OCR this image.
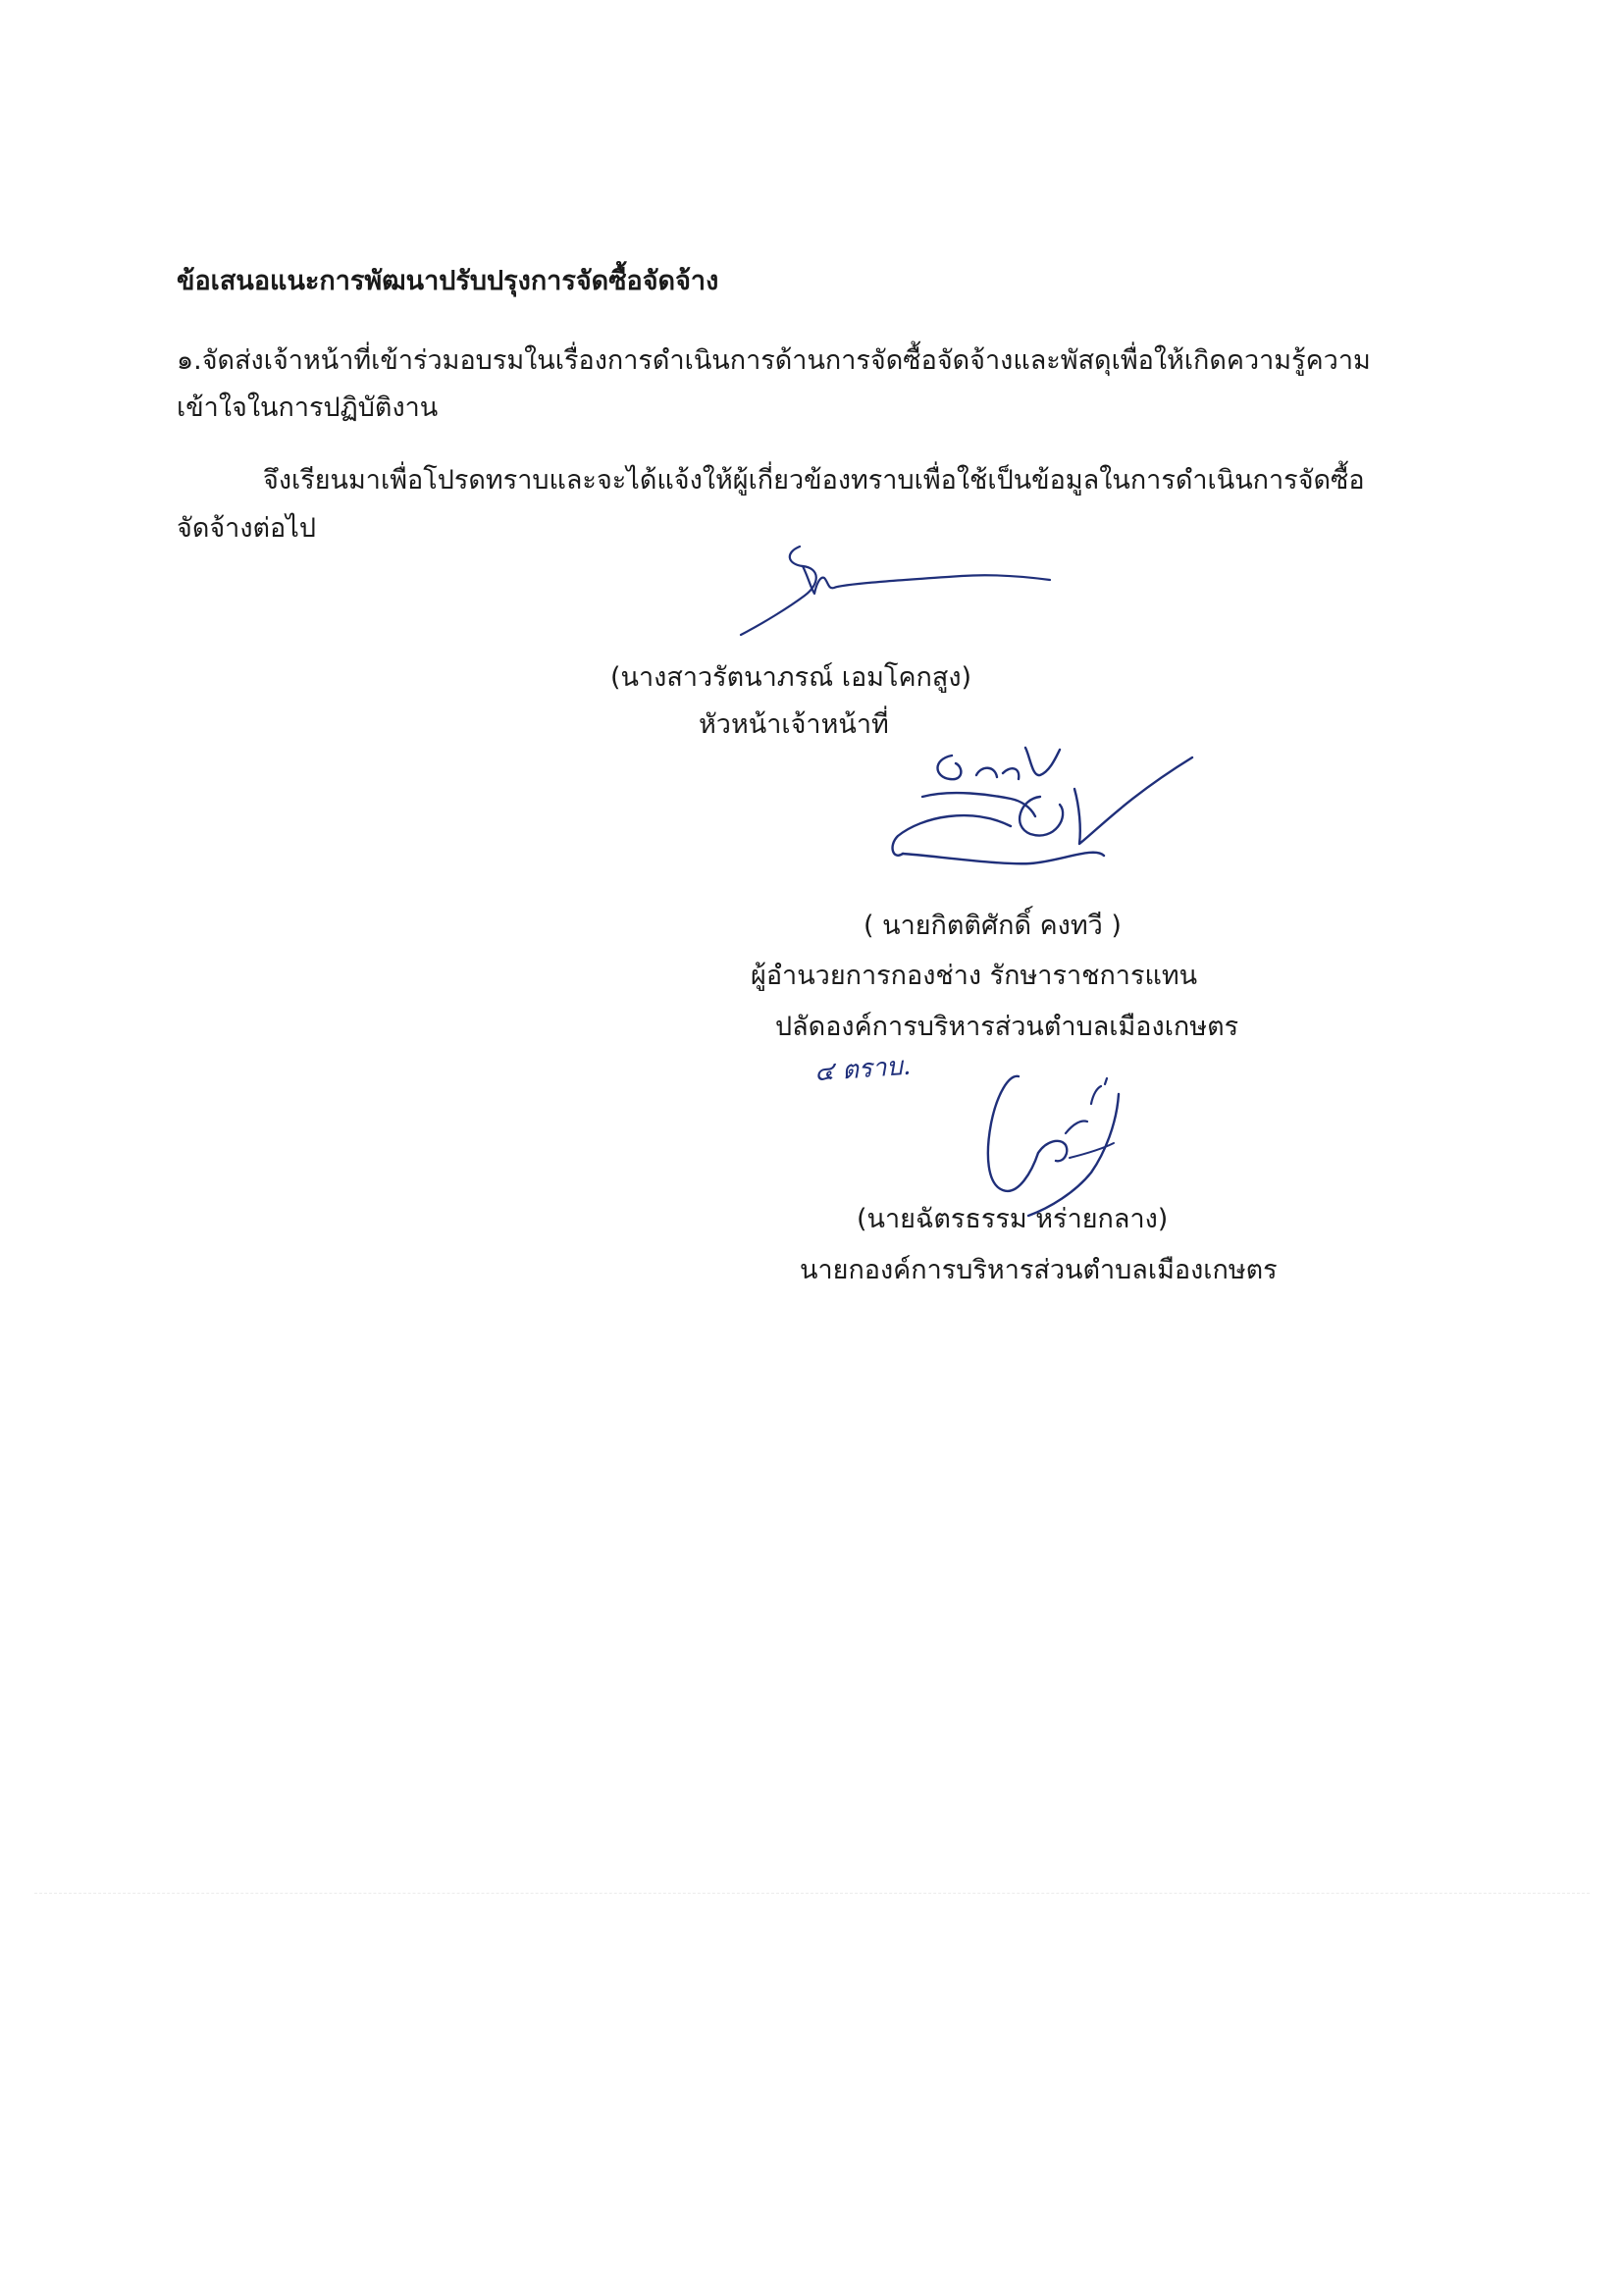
ข้อเสนอแนะการพัฒนาปรับปรุงการจัดซื้อจัดจ้าง
๑.จัดส่งเจ้าหน้าที่เข้าร่วมอบรมในเรื่องการดำเนินการด้านการจัดซื้อจัดจ้างและพัสดุเพื่อให้เกิดความรู้ความ
เข้าใจในการปฏิบัติงาน
จึงเรียนมาเพื่อโปรดทราบและจะได้แจ้งให้ผู้เกี่ยวข้องทราบเพื่อใช้เป็นข้อมูลในการดำเนินการจัดซื้อ
จัดจ้างต่อไป
(นางสาวรัตนาภรณ์ เอมโคกสูง)
หัวหน้าเจ้าหน้าที่
( นายกิตติศักดิ์ คงทวี )
ผู้อำนวยการกองช่าง รักษาราชการแทน
ปลัดองค์การบริหารส่วนตำบลเมืองเกษตร
๔ ตราบ.
(นายฉัตรธรรม หร่ายกลาง)
นายกองค์การบริหารส่วนตำบลเมืองเกษตร
